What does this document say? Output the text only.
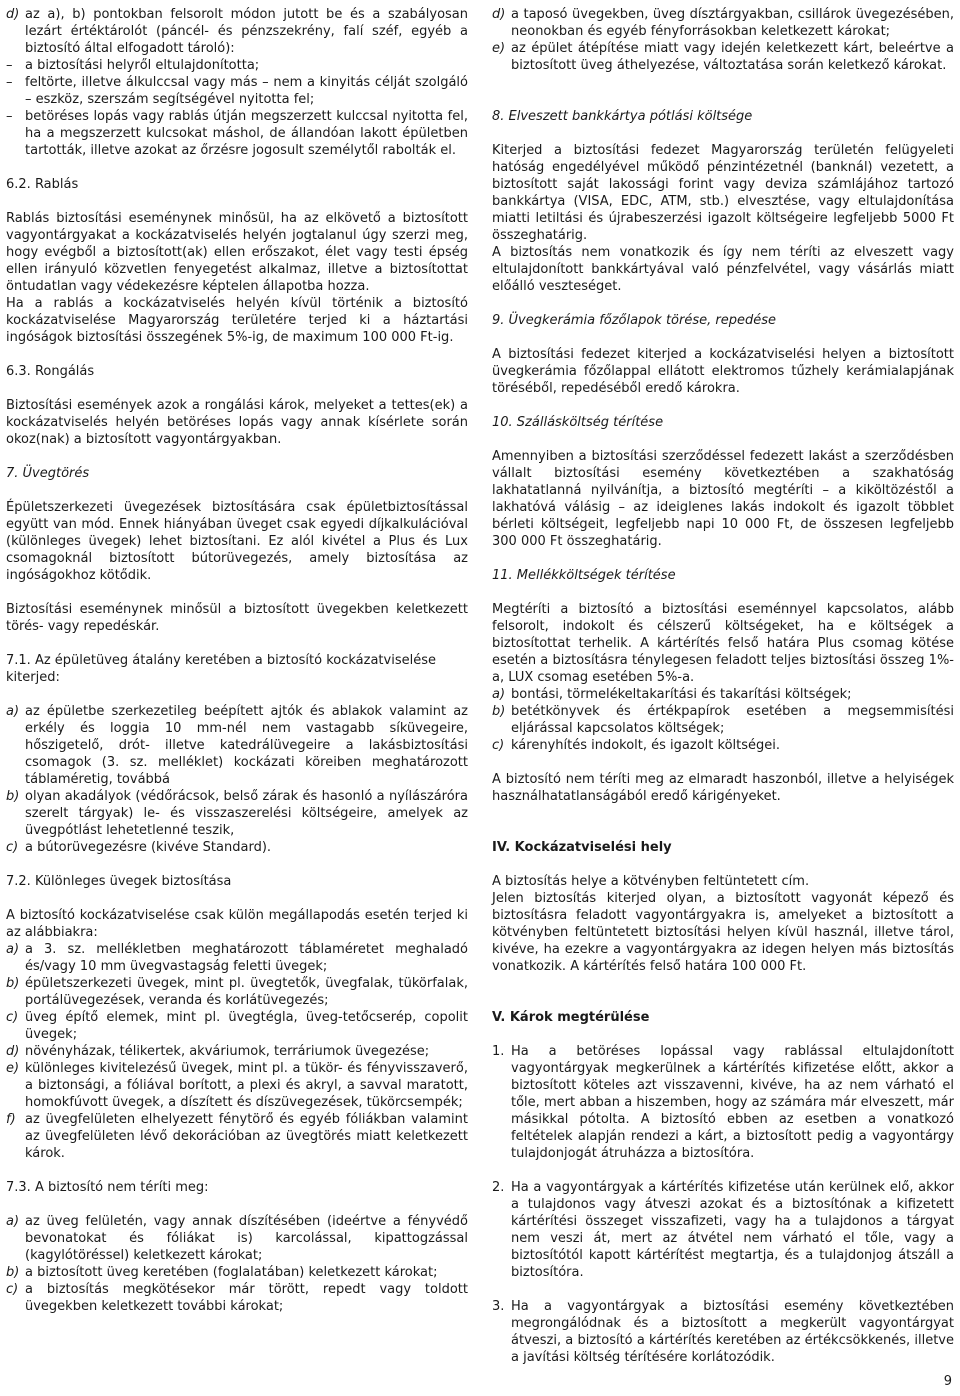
d) az a), b) pontokban felsorolt módon jutott be és a szabályosan lezárt értéktárolót (páncél- és pénzszekrény, falí széf, egyéb a biztosító által elfogadott tároló):
– a biztosítási helyről eltulajdonította;
– feltörte, illetve álkulccsal vagy más – nem a kinyitás célját szolgáló – eszköz, szerszám segítségével nyitotta fel;
– betöréses lopás vagy rablás útján megszerzett kulccsal nyitotta fel, ha a megszerzett kulcsokat máshol, de állandóan lakott épületben tartották, illetve azokat az őrzésre jogosult személytől rabolták el.
6.2. Rablás

Rablás biztosítási eseménynek minősül, ha az elkövető a biztosított vagyontárgyakat a kockázatviselés helyén jogtalanul úgy szerzi meg, hogy evégből a biztosított(ak) ellen erőszakot, élet vagy testi épség ellen irányuló közvetlen fenyegetést alkalmaz, illetve a biztosítottat öntudatlan vagy védekezésre képtelen állapotba hozza.

Ha a rablás a kockázatviselés helyén kívül történik a biztosító kockázatviselése Magyarország területére terjed ki a háztartási ingóságok biztosítási összegének 5%-ig, de maximum 100 000 Ft-ig.

6.3. Rongálás

Biztosítási események azok a rongálási károk, melyeket a tettes(ek) a kockázatviselés helyén betöréses lopás vagy annak kísérlete során okoz(nak) a biztosított vagyontárgyakban.

7. Üvegtörés

Épületszerkezeti üvegezések biztosítására csak épületbiztosítással együtt van mód. Ennek hiányában üveget csak egyedi díjkalkulációval (különleges üvegek) lehet biztosítani. Ez alól kivétel a Plus és Lux csomagoknál biztosított bútorüvegezés, amely biztosítása az ingóságokhoz kötődik.

Biztosítási eseménynek minősül a biztosított üvegekben keletkezett törés- vagy repedéskár.

7.1. Az épületüveg átalány keretében a biztosító kockázatviselése kiterjed:
a) az épületbe szerkezetileg beépített ajtók és ablakok valamint az erkély és loggia 10 mm-nél nem vastagabb síküvegeire, hőszigetelő, drót- illetve katedrálüvegeire a lakásbiztosítási csomagok (3. sz. melléklet) kockázati köreiben meghatározott táblaméretig, továbbá
b) olyan akadályok (védőrácsok, belső zárak és hasonló a nyílászáróra szerelt tárgyak) le- és visszaszerelési költségeire, amelyek az üvegpótlást lehetetlenné teszik,
c) a bútorüvegezésre (kivéve Standard).
7.2. Különleges üvegek biztosítása

A biztosító kockázatviselése csak külön megállapodás esetén terjed ki az alábbiakra:

a) a 3. sz. mellékletben meghatározott táblaméretet meghaladó és/vagy 10 mm üvegvastagság feletti üvegek;
b) épületszerkezeti üvegek, mint pl. üvegtetők, üvegfalak, tükörfalak, portálüvegezések, veranda és korlátüvegezés;
c) üveg építő elemek, mint pl. üvegtégla, üveg-tetőcserép, copolit üvegek;
d) növényházak, télikertek, akváriumok, terráriumok üvegezése;
e) különleges kivitelezésű üvegek, mint pl. a tükör- és fényvisszaverő, a biztonsági, a fóliával borított, a plexi és akryl, a savval maratott, homokfúvott üvegek, a díszített és díszüvegezések, tükörcsempék;
f) az üvegfelületen elhelyezett fénytörő és egyéb fóliákban valamint az üvegfelületen lévő dekorációban az üvegtörés miatt keletkezett károk.
7.3. A biztosító nem téríti meg:
a) az üveg felületén, vagy annak díszítésében (ideértve a fényvédő bevonatokat és fóliákat is) karcolással, kipattogzással (kagylótöréssel) keletkezett károkat;
b) a biztosított üveg keretében (foglalatában) keletkezett károkat;
c) a biztosítás megkötésekor már törött, repedt vagy toldott üvegekben keletkezett további károkat;
d) a taposó üvegekben, üveg dísztárgyakban, csillárok üvegezésében, neonokban és egyéb fényforrásokban keletkezett károkat;
e) az épület átépítése miatt vagy idején keletkezett kárt, beleértve a biztosított üveg áthelyezése, változtatása során keletkező károkat.
8. Elveszett bankkártya pótlási költsége

Kiterjed a biztosítási fedezet Magyarország területén felügyeleti hatóság engedélyével működő pénzintézetnél (banknál) vezetett, a biztosított saját lakossági forint vagy deviza számlájához tartozó bankkártya (VISA, EDC, ATM, stb.) elvesztése, vagy eltulajdonítása miatti letiltási és újrabeszerzési igazolt költségeire legfeljebb 5000 Ft összeghatárig.

A biztosítás nem vonatkozik és így nem téríti az elveszett vagy eltulajdonított bankkártyával való pénzfelvétel, vagy vásárlás miatt előálló veszteséget.

9. Üvegkerámia főzőlapok törése, repedése

A biztosítási fedezet kiterjed a kockázatviselési helyen a biztosított üvegkerámia főzőlappal ellátott elektromos tűzhely kerámialapjának töréséből, repedéséből eredő károkra.

10. Szállásköltség térítése

Amennyiben a biztosítási szerződéssel fedezett lakást a szerződésben vállalt biztosítási esemény következtében a szakhatóság lakhatatlanná nyilvánítja, a biztosító megtéríti – a kiköltözéstől a lakhatóvá válásig – az ideiglenes lakás indokolt és igazolt többlet bérleti költségeit, legfeljebb napi 10 000 Ft, de összesen legfeljebb 300 000 Ft összeghatárig.

11. Mellékköltségek térítése

Megtéríti a biztosító a biztosítási eseménnyel kapcsolatos, alább felsorolt, indokolt és célszerű költségeket, ha e költségek a biztosítottat terhelik. A kártérítés felső határa Plus csomag kötése esetén a biztosításra ténylegesen feladott teljes biztosítási összeg 1%-a, LUX csomag esetében 5%-a.

a) bontási, törmelékeltakarítási és takarítási költségek;
b) betétkönyvek és értékpapírok esetében a megsemmisítési eljárással kapcsolatos költségek;
c) kárenyhítés indokolt, és igazolt költségei.

A biztosító nem téríti meg az elmaradt haszonból, illetve a helyiségek használhatatlanságából eredő kárigényeket.

IV. Kockázatviselési hely

A biztosítás helye a kötvényben feltüntetett cím.

Jelen biztosítás kiterjed olyan, a biztosított vagyonát képező és biztosításra feladott vagyontárgyakra is, amelyeket a biztosított a kötvényben feltüntetett biztosítási helyen kívül használ, illetve tárol, kivéve, ha ezekre a vagyontárgyakra az idegen helyen más biztosítás vonatkozik. A kártérítés felső határa 100 000 Ft.

V. Károk megtérülése
1. Ha a betöréses lopással vagy rablással eltulajdonított vagyontárgyak megkerülnek a kártérítés kifizetése előtt, akkor a biztosított köteles azt visszavenni, kivéve, ha az nem várható el tőle, mert abban a hiszemben, hogy az számára már elveszett, már másikkal pótolta. A biztosító ebben az esetben a vonatkozó feltételek alapján rendezi a kárt, a biztosított pedig a vagyontárgy tulajdonjogát átruházza a biztosítóra.
2. Ha a vagyontárgyak a kártérítés kifizetése után kerülnek elő, akkor a tulajdonos vagy átveszi azokat és a biztosítónak a kifizetett kártérítési összeget visszafizeti, vagy ha a tulajdonos a tárgyat nem veszi át, mert az átvétel nem várható el tőle, vagy a biztosítótól kapott kártérítést megtartja, és a tulajdonjog átszáll a biztosítóra.
3. Ha a vagyontárgyak a biztosítási esemény következtében megrongálódnak és a biztosított a megkerült vagyontárgyat átveszi, a biztosító a kártérítés keretében az értékcsökkenés, illetve a javítási költség térítésére korlátozódik.
9
